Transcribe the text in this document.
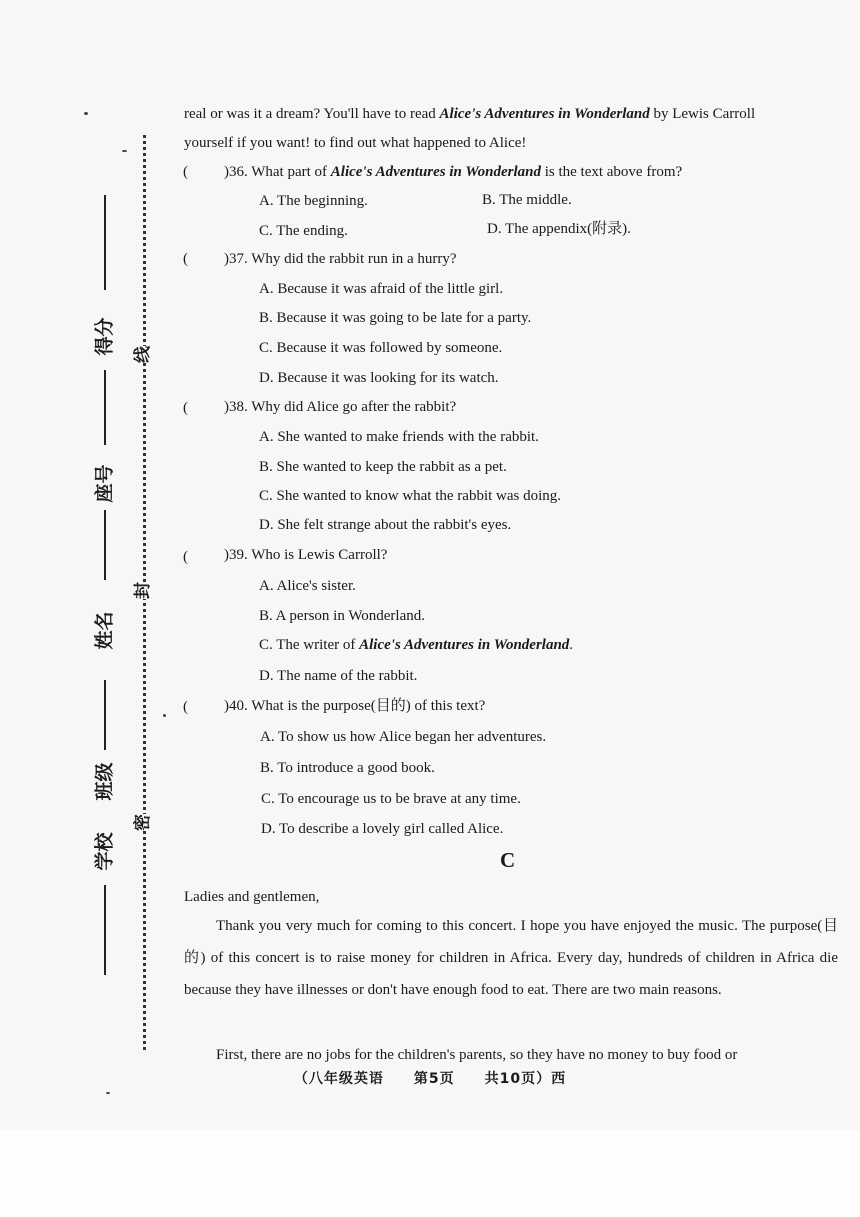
学校
班级
姓名
座号
得分
密
封
线
real or was it a dream? You'll have to read Alice's Adventures in Wonderland by Lewis Carroll
yourself if you want! to find out what happened to Alice!
( )36. What part of Alice's Adventures in Wonderland is the text above from?
A. The beginning.	B. The middle.
C. The ending.	D. The appendix(附录).
( )37. Why did the rabbit run in a hurry?
A. Because it was afraid of the little girl.
B. Because it was going to be late for a party.
C. Because it was followed by someone.
D. Because it was looking for its watch.
( )38. Why did Alice go after the rabbit?
A. She wanted to make friends with the rabbit.
B. She wanted to keep the rabbit as a pet.
C. She wanted to know what the rabbit was doing.
D. She felt strange about the rabbit's eyes.
( )39. Who is Lewis Carroll?
A. Alice's sister.
B. A person in Wonderland.
C. The writer of Alice's Adventures in Wonderland.
D. The name of the rabbit.
( )40. What is the purpose(目的) of this text?
A. To show us how Alice began her adventures.
B. To introduce a good book.
C. To encourage us to be brave at any time.
D. To describe a lovely girl called Alice.
C
Ladies and gentlemen,
Thank you very much for coming to this concert. I hope you have enjoyed the music. The purpose(目的) of this concert is to raise money for children in Africa. Every day, hundreds of children in Africa die because they have illnesses or don't have enough food to eat. There are two main reasons.
First, there are no jobs for the children's parents, so they have no money to buy food or
（八年级英语　　第5页　　共10页）西
